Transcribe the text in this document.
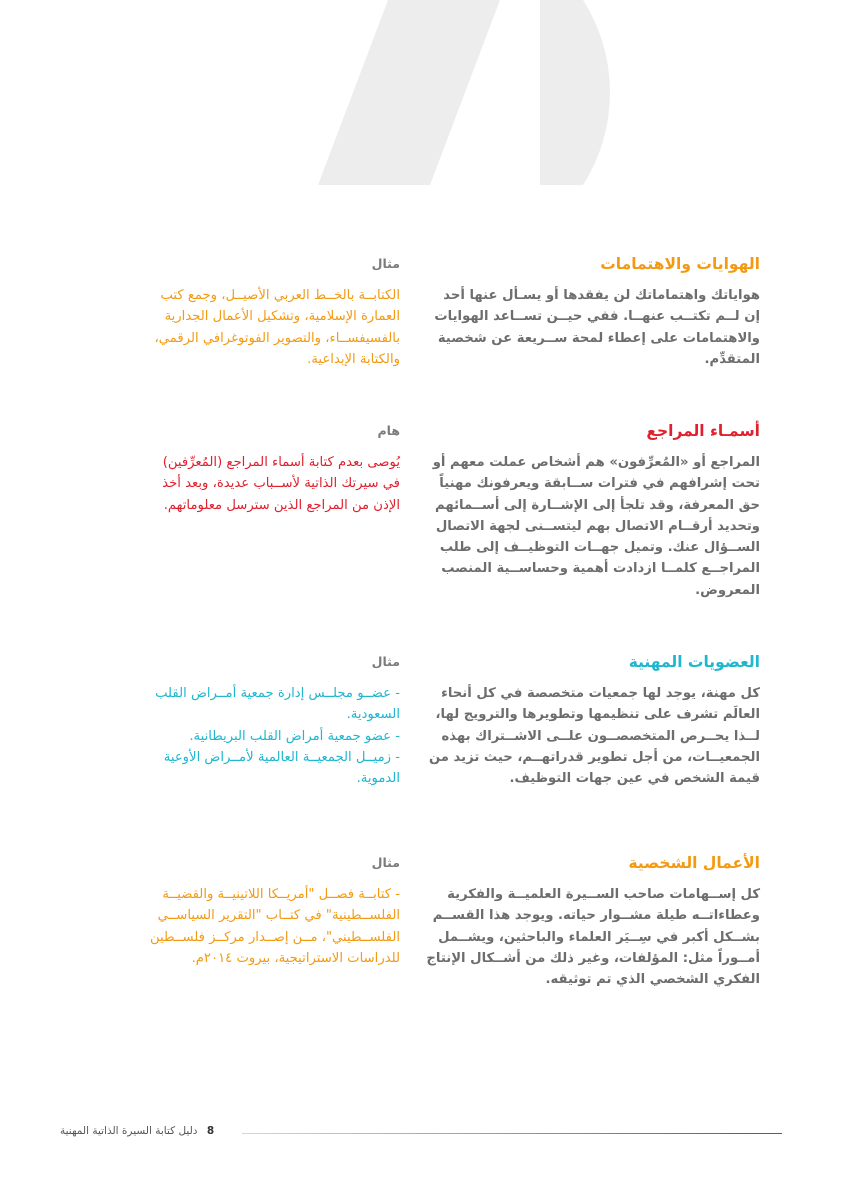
الهوايات والاهتمامات

هواياتك واهتماماتك لن يفقدها أو يسـأل عنها أحد
إن لــم تكتــب عنهــا. ففي حيــن تســاعد الهوايات
والاهتمامات على إعطاء لمحة ســريعة عن شخصية
المتقدِّم.

مثال

الكتابــة بالخــط العربي الأصيــل، وجمع كتب
العمارة الإسلامية، وتشكيل الأعمال الجدارية
بالفسيفســاء، والتصوير الفوتوغرافي الرقمي،
والكتابة الإبداعية.

أسمـاء المراجع

المراجع أو «المُعرِّفون» هم أشخاص عملت معهم أو
تحت إشرافهم في فترات ســابقة ويعرفونك مهنياً
حق المعرفة، وقد تلجأ إلى الإشــارة إلى أســمائهم
وتحديد أرقــام الاتصال بهم ليتســنى لجهة الاتصال
الســؤال عنك. وتميل جهــات التوظيــف إلى طلب
المراجــع كلمــا ازدادت أهمية وحساســية المنصب
المعروض.

هام

يُوصى بعدم كتابة أسماء المراجع (المُعرِّفين)
في سيرتك الذاتية لأســباب عديدة، وبعد أخذ
الإذن من المراجع الذين سترسل معلوماتهم.

العضويات المهنية

كل مهنة، يوجد لها جمعيات متخصصة في كل أنحاء
العالَم تشرف على تنظيمها وتطويرها والترويج لها،
لــذا يحــرص المتخصصــون علــى الاشــتراك بهذه
الجمعيــات، من أجل تطوير قدراتهــم، حيث تزيد من
قيمة الشخص في عين جهات التوظيف.

مثال

- عضــو مجلــس إدارة جمعية أمــراض القلب
السعودية.
- عضو جمعية أمراض القلب البريطانية.
- زميــل الجمعيــة العالمية لأمــراض الأوعية
الدموية.

الأعمال الشخصية

كل إســهامات صاحب الســيرة العلميــة والفكرية
وعطاءاتــه طيلة مشــوار حياته. ويوجد هذا القســم
بشــكل أكبر في سِــيَر العلماء والباحثين، ويشــمل
أمــوراً مثل: المؤلفات، وغير ذلك من أشــكال الإنتاج
الفكري الشخصي الذي تم توثيقه.

مثال

- كتابــة فصــل "أمريــكا اللاتينيــة والقضيــة
الفلســطينية" في كتــاب "التقرير السياســي
الفلســطيني"، مــن إصــدار مركــز فلســطين
للدراسات الاستراتيجية، بيروت ٢٠١٤م.

8 دليل كتابة السيرة الذاتية المهنية
